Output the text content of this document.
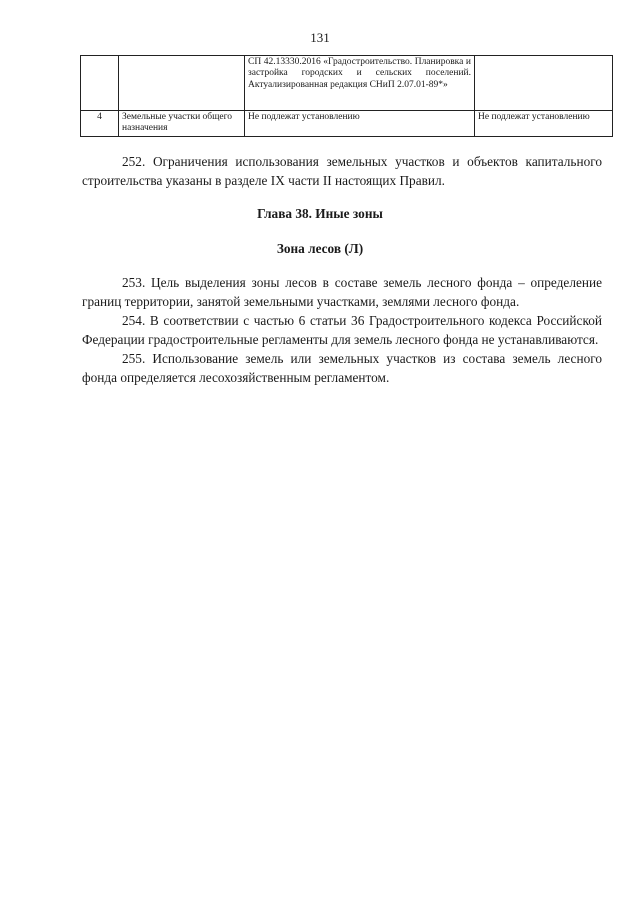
131
		СП 42.13330.2016 «Градостроительство. Планировка и застройка городских и сельских поселений. Актуализированная редакция СНиП 2.07.01-89*»	
4	Земельные участки общего назначения	Не подлежат установлению	Не подлежат установлению

252. Ограничения использования земельных участков и объектов капитального строительства указаны в разделе IX части II настоящих Правил.

Глава 38. Иные зоны

Зона лесов (Л)

253. Цель выделения зоны лесов в составе земель лесного фонда – определение границ территории, занятой земельными участками, землями лесного фонда.

254. В соответствии с частью 6 статьи 36 Градостроительного кодекса Российской Федерации градостроительные регламенты для земель лесного фонда не устанавливаются.

255. Использование земель или земельных участков из состава земель лесного фонда определяется лесохозяйственным регламентом.
